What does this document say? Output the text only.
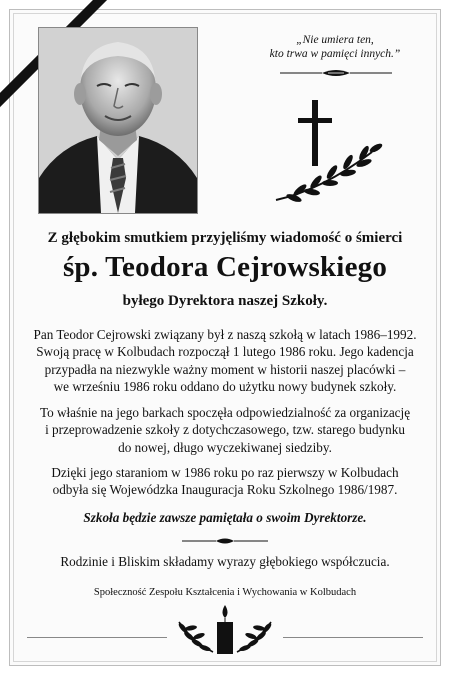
„Nie umiera ten,
kto trwa w pamięci innych.”
Z głębokim smutkiem przyjęliśmy wiadomość o śmierci
śp. Teodora Cejrowskiego
byłego Dyrektora naszej Szkoły.
Pan Teodor Cejrowski związany był z naszą szkołą w latach 1986–1992.
Swoją pracę w Kolbudach rozpoczął 1 lutego 1986 roku. Jego kadencja
przypadła na niezwykle ważny moment w historii naszej placówki –
we wrześniu 1986 roku oddano do użytku nowy budynek szkoły.
To właśnie na jego barkach spoczęła odpowiedzialność za organizację
i przeprowadzenie szkoły z dotychczasowego, tzw. starego budynku
do nowej, długo wyczekiwanej siedziby.
Dzięki jego staraniom w 1986 roku po raz pierwszy w Kolbudach
odbyła się Wojewódzka Inauguracja Roku Szkolnego 1986/1987.
Szkoła będzie zawsze pamiętała o swoim Dyrektorze.
Rodzinie i Bliskim składamy wyrazy głębokiego współczucia.
Społeczność Zespołu Kształcenia i Wychowania w Kolbudach
